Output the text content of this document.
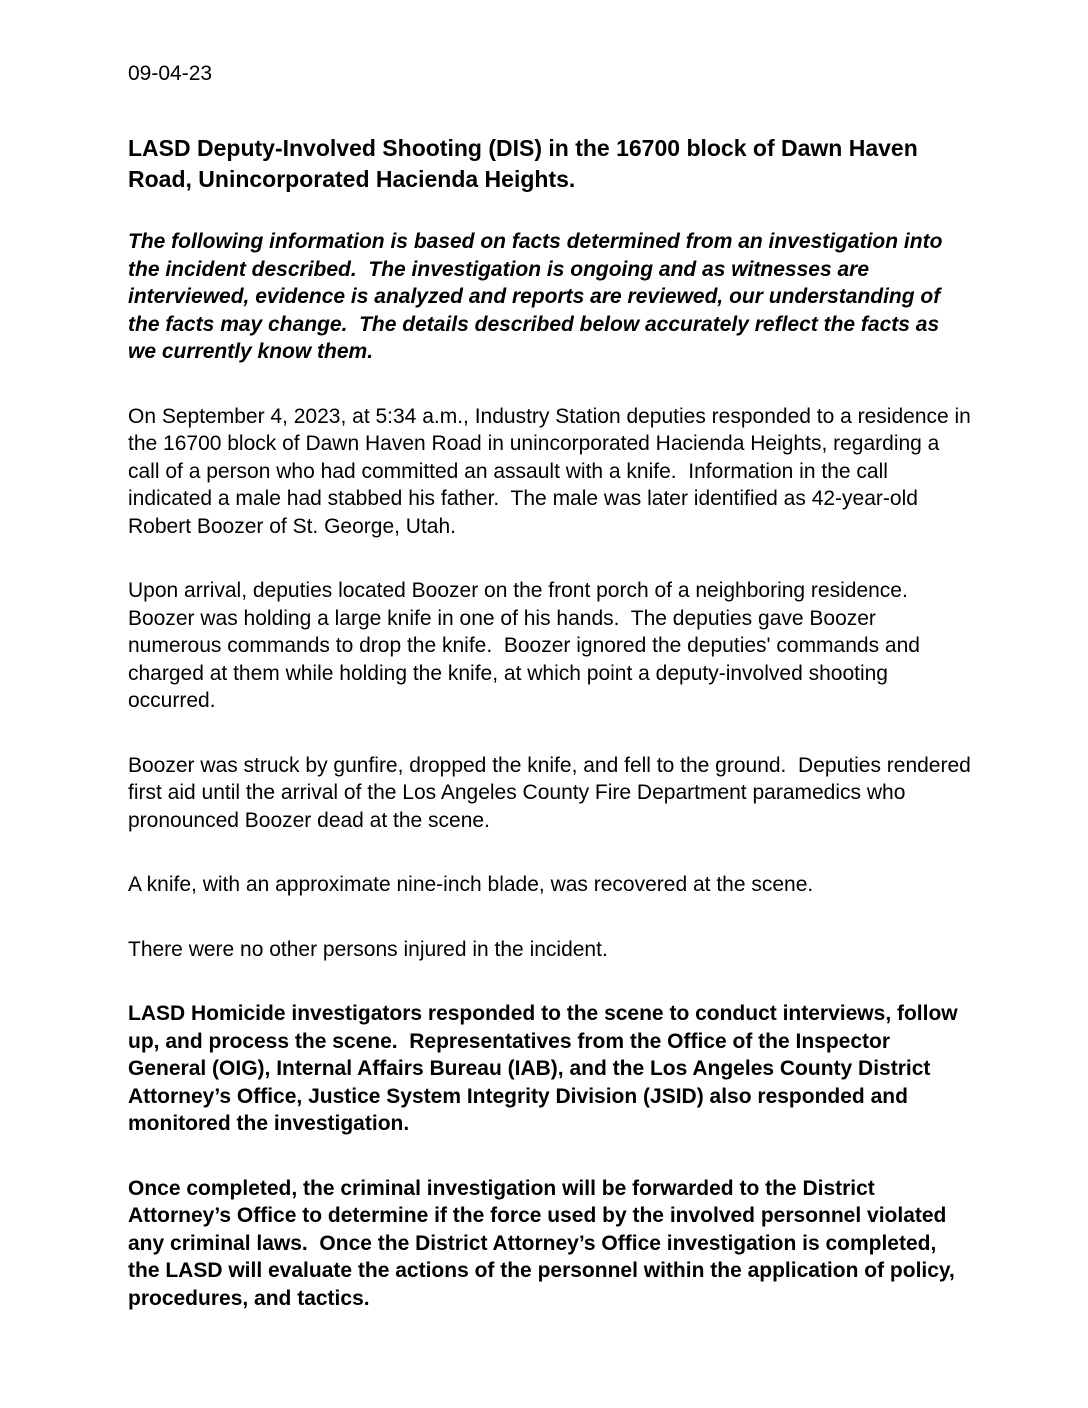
09-04-23

LASD Deputy-Involved Shooting (DIS) in the 16700 block of Dawn Haven Road, Unincorporated Hacienda Heights.

The following information is based on facts determined from an investigation into the incident described.  The investigation is ongoing and as witnesses are interviewed, evidence is analyzed and reports are reviewed, our understanding of the facts may change.  The details described below accurately reflect the facts as we currently know them.

On September 4, 2023, at 5:34 a.m., Industry Station deputies responded to a residence in the 16700 block of Dawn Haven Road in unincorporated Hacienda Heights, regarding a call of a person who had committed an assault with a knife.  Information in the call indicated a male had stabbed his father.  The male was later identified as 42-year-old Robert Boozer of St. George, Utah.

Upon arrival, deputies located Boozer on the front porch of a neighboring residence.  Boozer was holding a large knife in one of his hands.  The deputies gave Boozer numerous commands to drop the knife.  Boozer ignored the deputies' commands and charged at them while holding the knife, at which point a deputy-involved shooting occurred.

Boozer was struck by gunfire, dropped the knife, and fell to the ground.  Deputies rendered first aid until the arrival of the Los Angeles County Fire Department paramedics who pronounced Boozer dead at the scene.

A knife, with an approximate nine-inch blade, was recovered at the scene.

There were no other persons injured in the incident.

LASD Homicide investigators responded to the scene to conduct interviews, follow up, and process the scene.  Representatives from the Office of the Inspector General (OIG), Internal Affairs Bureau (IAB), and the Los Angeles County District Attorney’s Office, Justice System Integrity Division (JSID) also responded and monitored the investigation.

Once completed, the criminal investigation will be forwarded to the District Attorney’s Office to determine if the force used by the involved personnel violated any criminal laws.  Once the District Attorney’s Office investigation is completed, the LASD will evaluate the actions of the personnel within the application of policy, procedures, and tactics.
